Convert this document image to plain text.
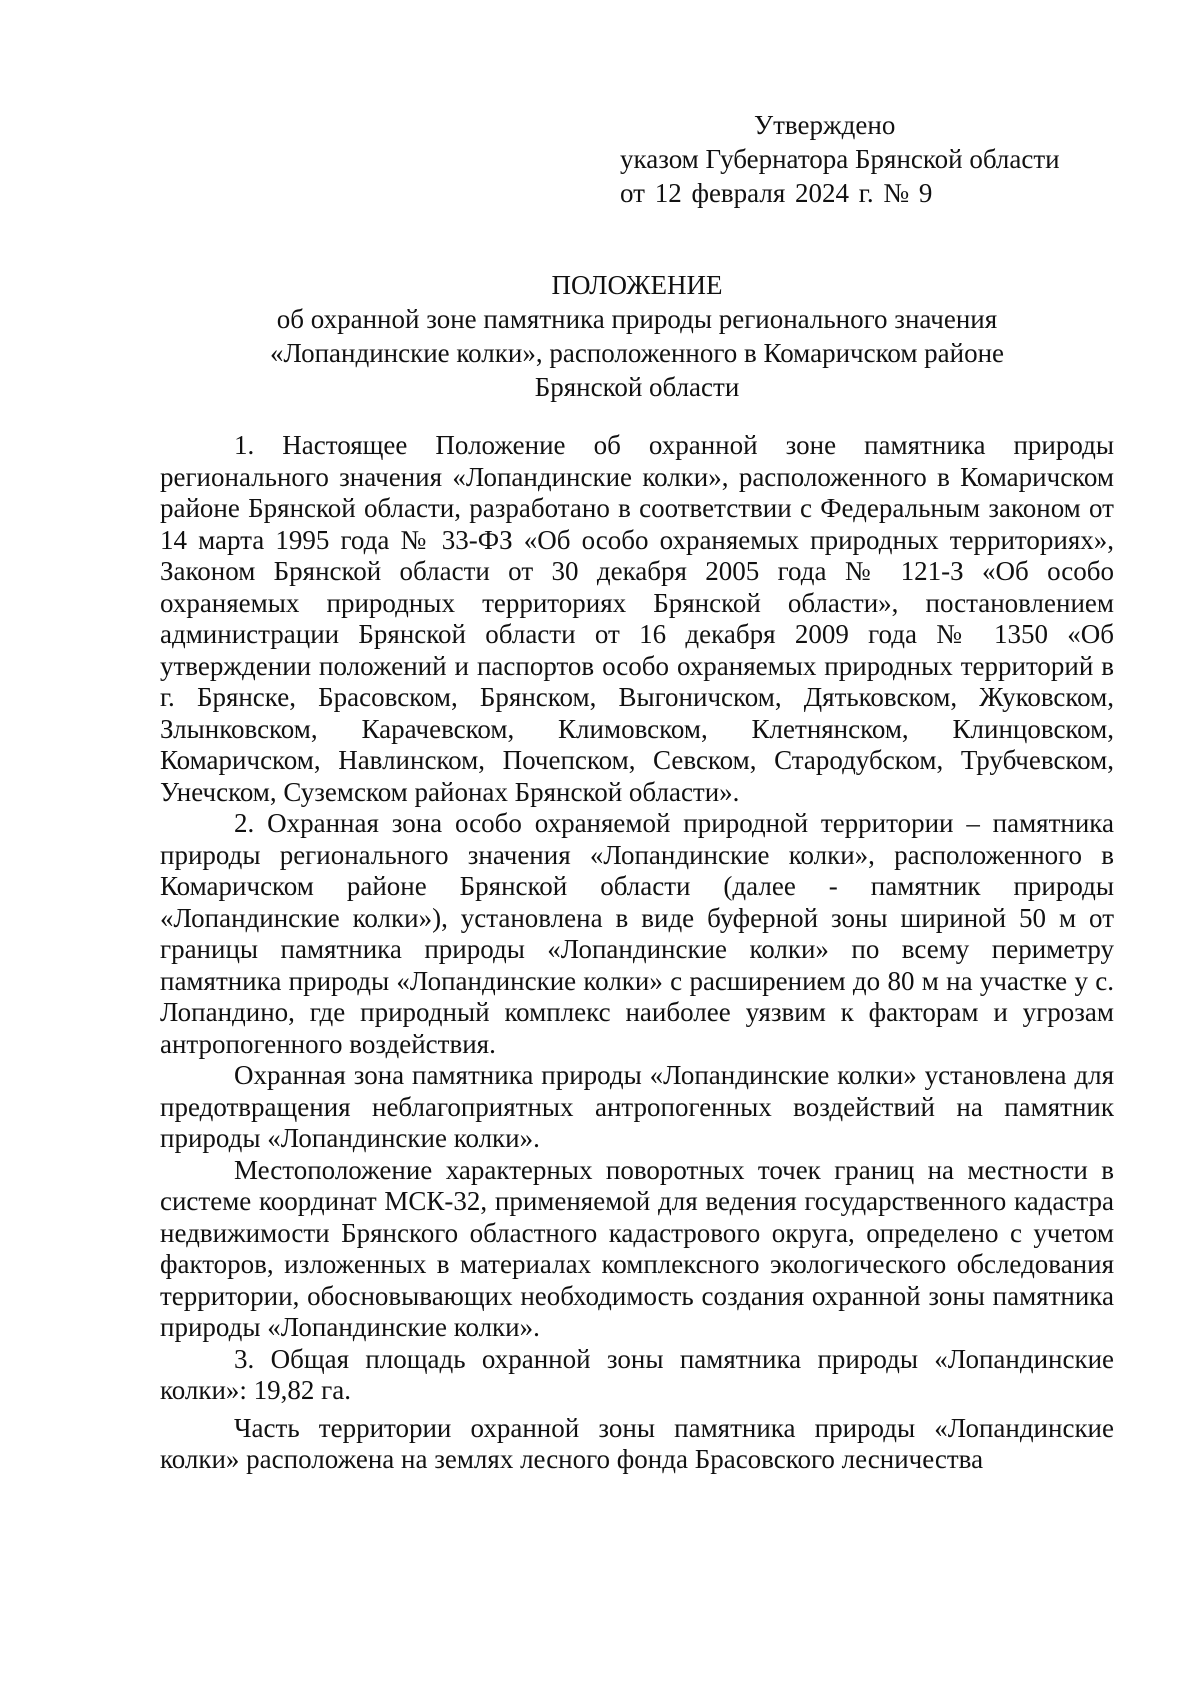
Утверждено
указом Губернатора Брянской области
от 12 февраля 2024 г. № 9
ПОЛОЖЕНИЕ
об охранной зоне памятника природы регионального значения
«Лопандинские колки», расположенного в Комаричском районе
Брянской области

1. Настоящее Положение об охранной зоне памятника природы регионального значения «Лопандинские колки», расположенного в Комаричском районе Брянской области, разработано в соответствии с Федеральным законом от 14 марта 1995 года № 33-ФЗ «Об особо охраняемых природных территориях», Законом Брянской области от 30 декабря 2005 года № 121-З «Об особо охраняемых природных территориях Брянской области», постановлением администрации Брянской области от 16 декабря 2009 года № 1350 «Об утверждении положений и паспортов особо охраняемых природных территорий в г. Брянске, Брасовском, Брянском, Выгоничском, Дятьковском, Жуковском, Злынковском, Карачевском, Климовском, Клетнянском, Клинцовском, Комаричском, Навлинском, Почепском, Севском, Стародубском, Трубчевском, Унечском, Суземском районах Брянской области».

2. Охранная зона особо охраняемой природной территории – памятника природы регионального значения «Лопандинские колки», расположенного в Комаричском районе Брянской области (далее - памятник природы «Лопандинские колки»), установлена в виде буферной зоны шириной 50 м от границы памятника природы «Лопандинские колки» по всему периметру памятника природы «Лопандинские колки» с расширением до 80 м на участке у с. Лопандино, где природный комплекс наиболее уязвим к факторам и угрозам антропогенного воздействия.

Охранная зона памятника природы «Лопандинские колки» установлена для предотвращения неблагоприятных антропогенных воздействий на памятник природы «Лопандинские колки».

Местоположение характерных поворотных точек границ на местности в системе координат МСК-32, применяемой для ведения государственного кадастра недвижимости Брянского областного кадастрового округа, определено с учетом факторов, изложенных в материалах комплексного экологического обследования территории, обосновывающих необходимость создания охранной зоны памятника природы «Лопандинские колки».

3. Общая площадь охранной зоны памятника природы «Лопандинские колки»: 19,82 га.

Часть территории охранной зоны памятника природы «Лопандинские колки» расположена на землях лесного фонда Брасовского лесничества
